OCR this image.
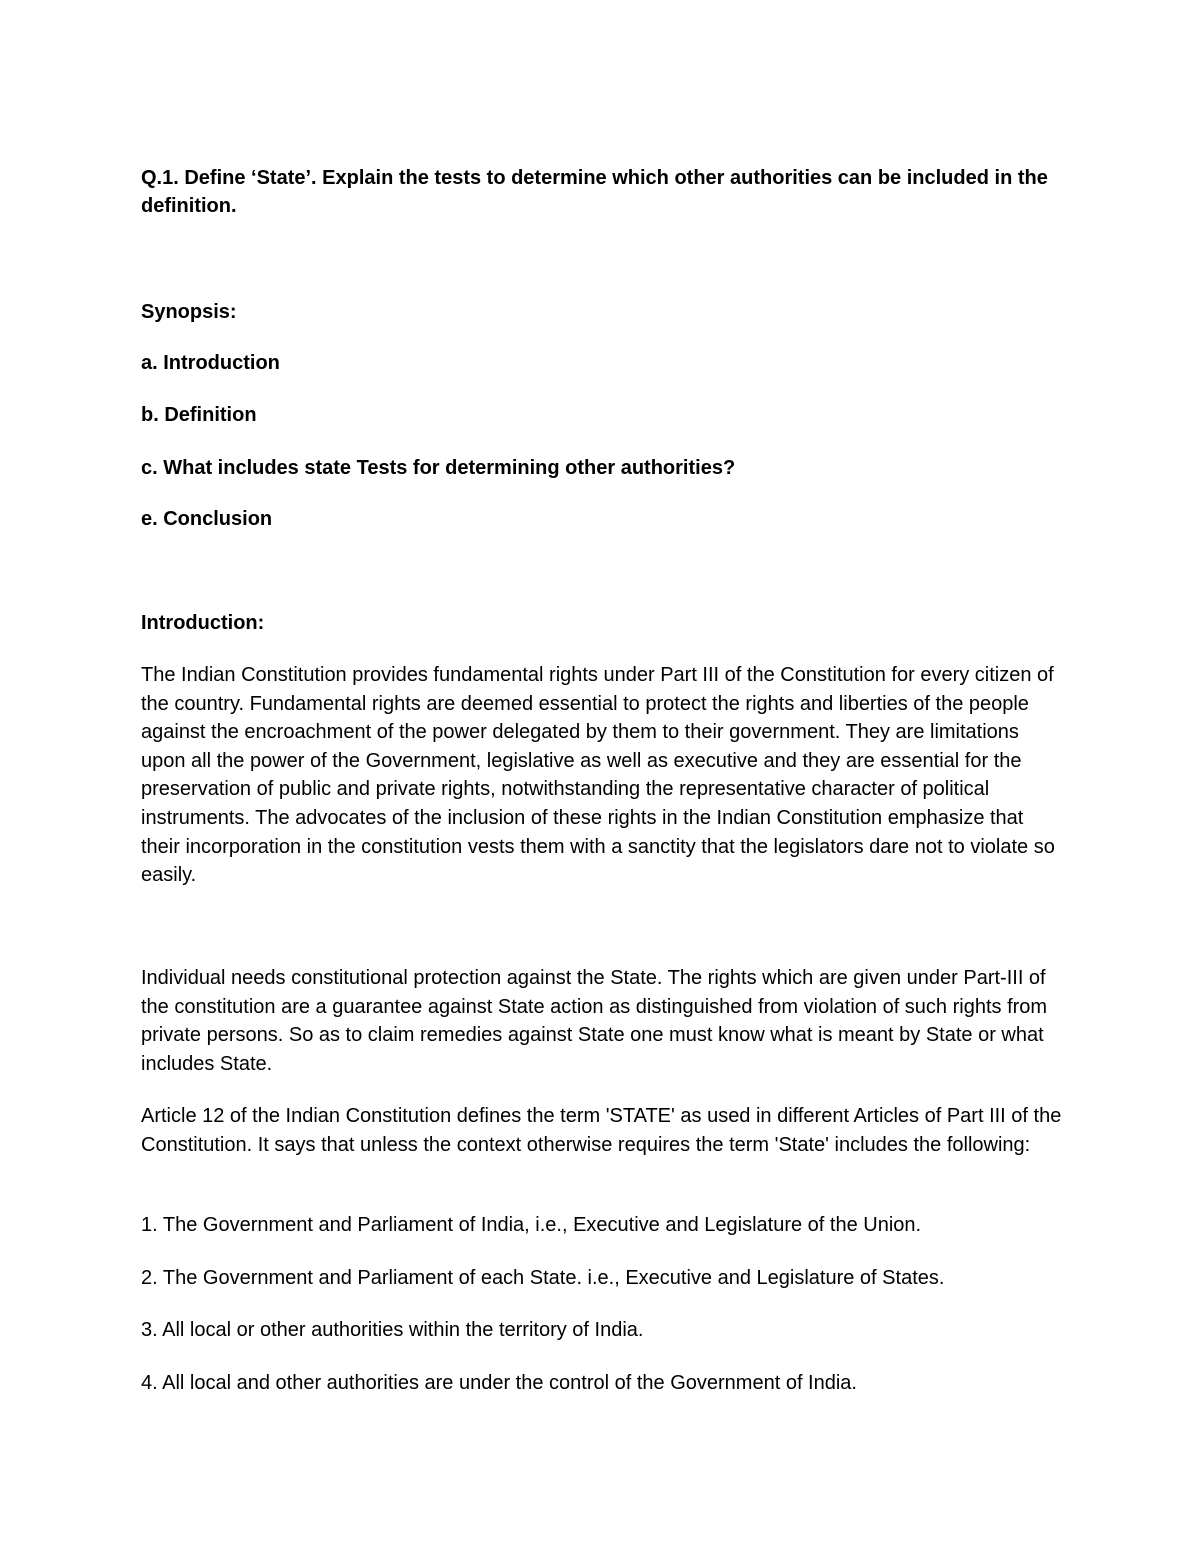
Q.1. Define ‘State’. Explain the tests to determine which other authorities can be included in the definition.

Synopsis:

a. Introduction

b. Definition

c. What includes state Tests for determining other authorities?

e. Conclusion

Introduction:

The Indian Constitution provides fundamental rights under Part III of the Constitution for every citizen of the country. Fundamental rights are deemed essential to protect the rights and liberties of the people against the encroachment of the power delegated by them to their government. They are limitations upon all the power of the Government, legislative as well as executive and they are essential for the preservation of public and private rights, notwithstanding the representative character of political instruments. The advocates of the inclusion of these rights in the Indian Constitution emphasize that their incorporation in the constitution vests them with a sanctity that the legislators dare not to violate so easily.

Individual needs constitutional protection against the State. The rights which are given under Part-III of the constitution are a guarantee against State action as distinguished from violation of such rights from private persons. So as to claim remedies against State one must know what is meant by State or what includes State.

Article 12 of the Indian Constitution defines the term 'STATE' as used in different Articles of Part III of the Constitution. It says that unless the context otherwise requires the term 'State' includes the following:

1. The Government and Parliament of India, i.e., Executive and Legislature of the Union.

2. The Government and Parliament of each State. i.e., Executive and Legislature of States.

3. All local or other authorities within the territory of India.

4. All local and other authorities are under the control of the Government of India.
